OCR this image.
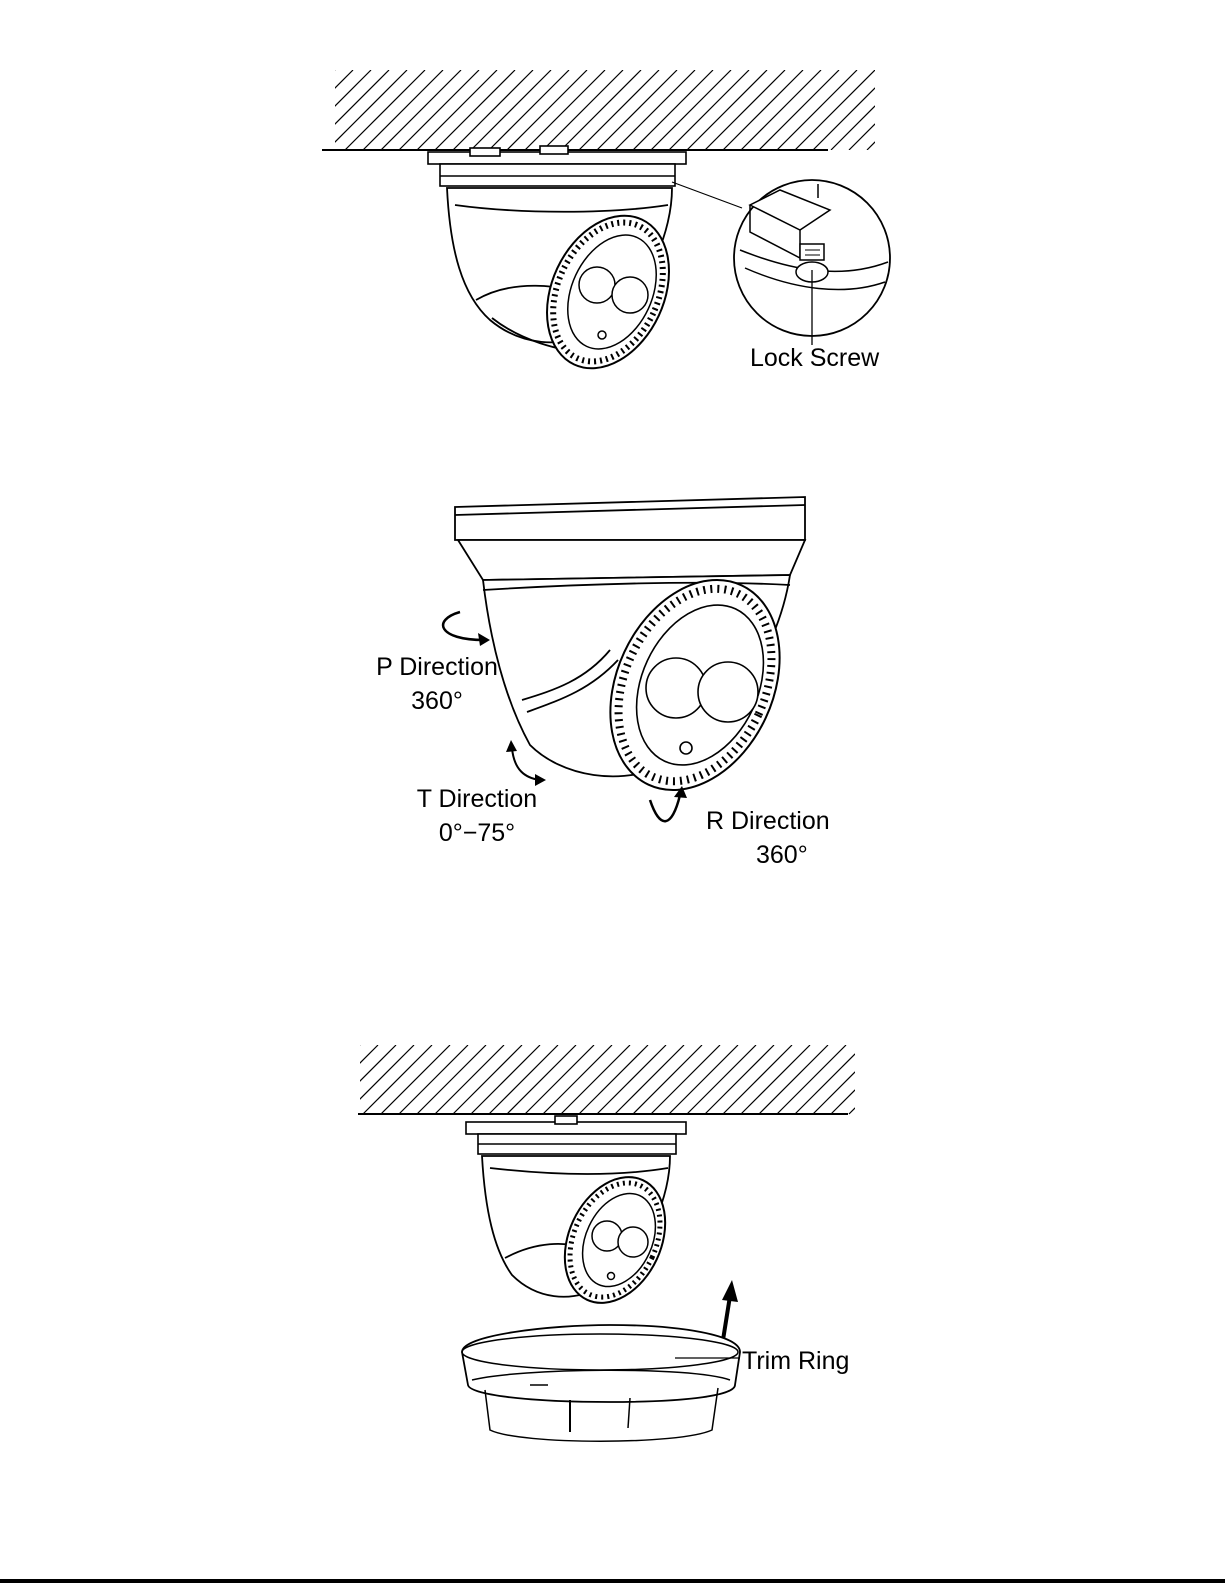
Lock Screw
P Direction
360°
T Direction
0°−75°	R Direction
360°
Trim Ring
